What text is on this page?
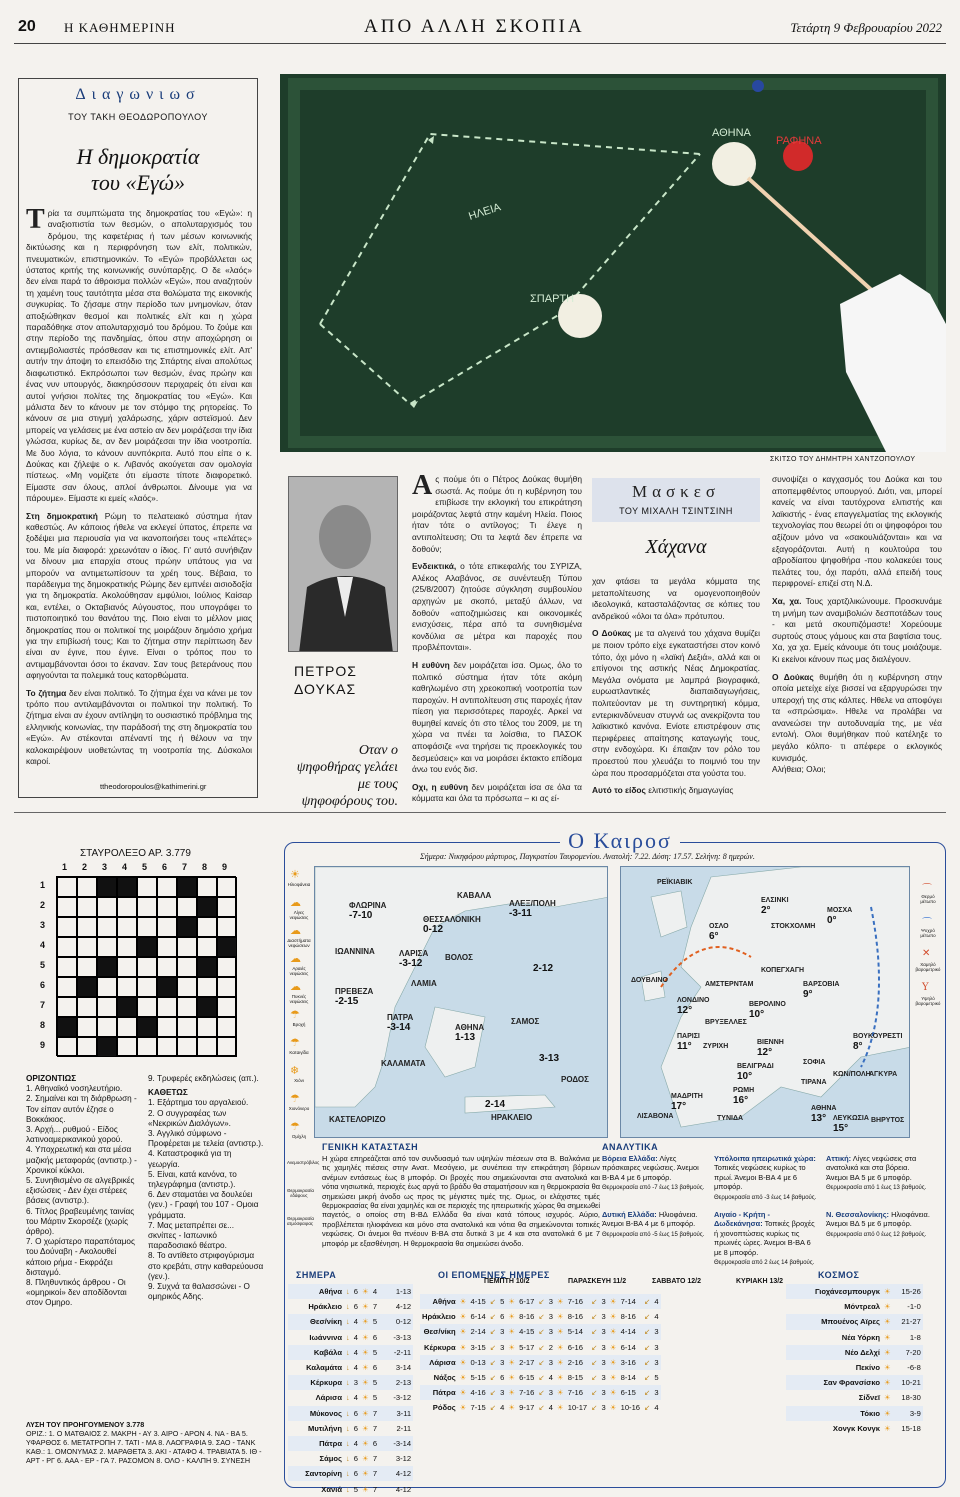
20 Η ΚΑΘΗΜΕΡΙΝΗ	ΑΠΟ ΑΛΛΗ ΣΚΟΠΙΑ	Τετάρτη 9 Φεβρουαρίου 2022
Διαγωνιωσ
ΤΟΥ ΤΑΚΗ ΘΕΟΔΩΡΟΠΟΥΛΟΥ
Η δημοκρατία
του «Εγώ»

Τρία τα συμπτώματα της δημοκρατίας του «Εγώ»: η αναξιοπιστία των θεσμών, ο απολυταρχισμός του δρόμου, της καφετέριας ή των μέσων κοινωνικής δικτύωσης και η περιφρόνηση των ελίτ, πολιτικών, πνευματικών, επιστημονικών. Το «Εγώ» προβάλλεται ως ύστατος κριτής της κοινωνικής συνύπαρξης. Ο δε «λαός» δεν είναι παρά το άθροισμα πολλών «Εγώ», που αναζητούν τη χαμένη τους ταυτότητα μέσα στα θολώματα της εικονικής συγκυρίας. Το ζήσαμε στην περίοδο των μνημονίων, όταν αποξιώθηκαν θεσμοί και πολιτικές ελίτ και η χώρα παραδόθηκε στον απολυταρχισμό του δρόμου. Το ζούμε και στην περίοδο της πανδημίας, όπου στην αποχώρηση οι αντιεμβολιαστές πρόσθεσαν και τις επιστημονικές ελίτ. Απ' αυτήν την άποψη το επεισόδιο της Σπάρτης είναι απολύτως διαφωτιστικό. Εκπρόσωποι των θεσμών, ένας πρώην και ένας νυν υπουργός, διακηρύσσουν περιχαρείς ότι είναι και αυτοί γνήσιοι πολίτες της δημοκρατίας του «Εγώ». Και μάλιστα δεν το κάνουν με τον στόμφο της ρητορείας. Το κάνουν σε μια στιγμή χαλάρωσης, χάριν αστεϊσμού. Δεν μπορείς να γελάσεις με ένα αστείο αν δεν μοιράζεσαι την ίδια γλώσσα, κυρίως δε, αν δεν μοιράζεσαι την ίδια νοοτροπία. Με δυο λόγια, το κάνουν αυνπόκριτα. Αυτό που είπε ο κ. Δούκας και ζήλεψε ο κ. Λιβανός ακούγεται σαν ομολογία πίστεως. «Μη νομίζετε ότι είμαστε τίποτε διαφορετικό. Είμαστε σαν όλους, απλοί άνθρωποι. Δίνουμε για να πάρουμε». Είμαστε κι εμείς «λαός».

Στη δημοκρατική Ρώμη το πελατειακό σύστημα ήταν καθεστώς. Αν κάποιος ήθελε να εκλεγεί ύπατος, έπρεπε να ξοδέψει μια περιουσία για να ικανοποιήσει τους «πελάτες» του. Με μία διαφορά: χρεωνόταν ο ίδιος. Γι' αυτό συνήθιζαν να δίνουν μια επαρχία στους πρώην υπάτους για να μπορούν να αντιμετωπίσουν τα χρέη τους. Βέβαια, το παράδειγμα της δημοκρατικής Ρώμης δεν εμπνέει αισιοδοξία για τη δημοκρατία. Ακολούθησαν εμφύλιοι, Ιούλιος Καίσαρ και, εντέλει, ο Οκταβιανός Αύγουστος, που υπογράφει το πιστοποιητικό του θανάτου της. Ποιο είναι το μέλλον μιας δημοκρατίας που οι πολιτικοί της μοιράζουν δημόσιο χρήμα για την επιβίωσή τους; Και το ζήτημα στην περίπτωση δεν είναι αν έγινε, που έγινε. Είναι ο τρόπος που το αντιμαμβάνονται όσοι το έκαναν. Σαν τους βετεράνους που αφηγούνται τα πολεμικά τους κατορθώματα.

Το ζήτημα δεν είναι πολιτικό. Το ζήτημα έχει να κάνει με τον τρόπο που αντιλαμβάνονται οι πολιτικοί την πολιτική. Το ζήτημα είναι αν έχουν αντίληψη το ουσιαστικό πρόβλημα της ελληνικής κοινωνίας, την παράδοσή της στη δημοκρατία του «Εγώ». Αν στέκονται απέναντί της ή θέλουν να την καλοκαιρέψουν υιοθετώντας τη νοοτροπία της. Δύσκολοι καιροί.

ttheodoropoulos@kathimerini.gr
ΑΘΗΝΑ
ΡΑΦΗΝΑ
ΗΛΕΙΑ
ΣΠΑΡΤΗ
ΣΚΙΤΣΟ ΤΟΥ ΔΗΜΗΤΡΗ ΧΑΝΤΖΟΠΟΥΛΟΥ
ΠΕΤΡΟΣ
ΔΟΥΚΑΣ
Οταν ο ψηφοθήρας γελάει με τους ψηφοφόρους του.

Ας πούμε ότι ο Πέτρος Δούκας θυμήθη σωστά. Ας πούμε ότι η κυβέρνηση του επιβίωσε την εκλογική του επικράτηση μοιράζοντας λεφτά στην καμένη Ηλεία. Ποιος ήταν τότε ο αντίλογος; Τι έλεγε η αντιπολίτευση; Οτι τα λεφτά δεν έπρεπε να δοθούν;

Ενδεικτικά, ο τότε επικεφαλής του ΣΥΡΙΖΑ, Αλέκος Αλαβάνος, σε συνέντευξη Τύπου (25/8/2007) ζητούσε σύγκληση συμβουλίου αρχηγών με σκοπό, μεταξύ άλλων, να δοθούν «αποζημιώσεις και οικονομικές ενισχύσεις, πέρα από τα συνηθισμένα κονδύλια σε μέτρα και παροχές που προβλέπονται».

Η ευθύνη δεν μοιράζεται ίσα. Ομως, όλο το πολιτικό σύστημα ήταν τότε ακόμη καθηλωμένο στη χρεοκοπική νοοτροπία των παροχών. Η αντιπολίτευση στις παροχές ήταν πίεση για περισσότερες παροχές. Αρκεί να θυμηθεί κανείς ότι στο τέλος του 2009, με τη χώρα να πνέει τα λοίσθια, το ΠΑΣΟΚ αποφάσιζε «να τηρήσει τις προεκλογικές του δεσμεύσεις» και να μοιράσει έκτακτο επίδομα άνω του ενός δισ.

Οχι, η ευθύνη δεν μοιράζεται ίσα σε όλα τα κόμματα και όλα τα πρόσωπα – κι ας εί-

Μασκεσ
ΤΟΥ ΜΙΧΑΛΗ ΤΣΙΝΤΣΙΝΗ
Χάχανα

χαν φτάσει τα μεγάλα κόμματα της μεταπολίτευσης να ομογενοποιηθούν ιδεολογικά, κατασταλάζοντας σε κόπιες του ανδρεϊκού «όλοι τα όλα» πρότυπου.

Ο Δούκας με τα αλγεινά του χάχανα θυμίζει με ποιον τρόπο είχε εγκαταστήσει στον κοινό τόπο, όχι μόνο η «λαϊκή Δεξιά», αλλά και οι επίγονοι της αστικής Νέας Δημοκρατίας. Μεγάλα ονόματα με λαμπρά βιογραφικά, ευρωατλαντικές διαπαιδαγωγήσεις, πολιτεύονταν με τη συντηρητική κόμμα, εντερικινδύνευαν στυγνά ως ανεκρίζοντα του λαϊκιστικό κανόνα. Ενίοτε επιστρέφουν στις περιφέρειες απαίτησης καταγωγής τους, στην ενδοχώρα. Κι έπαιζαν τον ρόλο του προεστού που χλευάζει το ποιμνιό του την ώρα που προσαρμόζεται στα γούστα του.

Αυτό το είδος ελιτιστικής δημαγωγίας

συνοψίζει ο καγχασμός του Δούκα και του αποπεμφθέντος υπουργού. Διότι, ναι, μπορεί κανείς να είναι ταυτόχρονα ελιτιστής και λαϊκιστής - ένας επαγγελματίας της εκλογικής τεχνολογίας που θεωρεί ότι οι ψηφοφόροι του αξίζουν μόνο να «σακουλιάζονται» και να εξαγοράζονται. Αυτή η κουλτούρα του αβροδίαιτου ψηφοθήρα -που κολακεύει τους πελάτες του, όχι παρότι, αλλά επειδή τους περιφρονεί- επιζεί στη Ν.Δ.

Χα, χα. Τους χαρτζιλικώνουμε. Προσκυνάμε τη μνήμη των αναμιβολιών δεσποτάδων τους - και μετά σκουπιζόμαστε! Χορεύουμε συρτούς στους γάμους και στα βαφτίσια τους. Χα, χα χα. Εμείς κάνουμε ότι τους μοιάζουμε. Κι εκείνοι κάνουν πως μας διαλέγουν.

Ο Δούκας θυμήθη ότι η κυβέρνηση στην οποία μετείχε είχε βισσεί να εξαργυρώσει την υπεροχή της στις κάλπες. Ηθελε να αποφύγει τα «σπρώσιμα». Ηθελε να προλάβει να ανανεώσει την αυτοδυναμία της, με νέα εντολή. Ολοι θυμήθηκαν πού κατέληξε το μεγάλο κόλπο· τι απέφερε ο εκλογικός κυνισμός.

Αλήθεια; Ολοι;

ΣΤΑΥΡΟΛΕΞΟ ΑΡ. 3.779
1 2 3 4 5 6 7 8 9
1
2
3
4
5
6
7
8
9
ΟΡΙΖΟΝΤΙΩΣ
1. Αθηναϊκό νοσηλευτήριο.
2. Σημαίνει και τη διάρθρωση - Τον είπαν αυτόν έζησε ο Βοκκάκιος.
3. Αρχή... ρυθμού - Είδος λατινοαμερικανικού χορού.
4. Υποχρεωτική και στα μέσα μαζικής μεταφοράς (αντιστρ.) - Χρονικοί κύκλοι.
5. Συνηθισμένο σε αλγεβρικές εξισώσεις - Δεν έχει στέρεες βάσεις (αντιστρ.).
6. Τίτλος βραβευμένης ταινίας του Μάρτιν Σκορσέζε (χωρίς άρθρο).
7. Ο χωρίστερο παραπόταμος του Δούναβη - Ακολουθεί κάποιο ρήμα - Εκφράζει δισταγμό.
8. Πληθυντικός άρθρου - Οι «ομηρικοί» δεν αποδίδονται στον Ομηρο.
9. Τρυφερές εκδηλώσεις (απ.).
ΚΑΘΕΤΩΣ
1. Εξάρτημα του αργαλειού.
2. Ο συγγραφέας των «Νεκρικών Διαλόγων».
3. Αγγλικό σύμφωνο - Προφέρεται με τελεία (αντιστρ.).
4. Καταστροφικά για τη γεωργία.
5. Είναι, κατά κανόνα, το τηλεγράφημα (αντιστρ.).
6. Δεν σταματάει να δουλεύει (γεν.) - Γραφή του 107 - Ομοια γράμματα.
7. Μας μεταπρέπει σε... σκνίπες - Ιαπωνικό παραδοσιακό θέατρο.
8. Το αντίθετο στριφογύρισμα στο κρεβάτι, στην καθαρεύουσα (γεν.).
9. Συχνά τα θαλασσώνει - Ο ομηρικός Αδης.
ΛΥΣΗ ΤΟΥ ΠΡΟΗΓΟΥΜΕΝΟΥ 3.778
ΟΡΙΖ.: 1. Ο ΜΑΤΘΑΙΟΣ 2. ΜΑΚΡΗ - ΑΥ 3. ΑΙΡΟ - ΑΡΟΝ 4. ΝΑ - ΒΑ 5. ΥΦΑΡΘΟΣ 6. ΜΕΤΑΤΡΟΠΗ 7. ΤΑΤΙ - ΜΑ 8. ΛΑΟΓΡΑΦΙΑ 9. ΣΑΟ - ΤΑΝΚ ΚΑΘ.: 1. ΟΜΟΝΥΜΑΣ 2. ΜΑΡΑΘΕΤΑ 3. ΑΚΙ - ΑΤΑΦΟ 4. ΤΡΑΒΙΑΤΑ 5. ΙΘ - ΑΡΤ - ΡΓ 6. ΑΑΑ - ΕΡ - ΓΑ 7. ΡΑΣΟΜΟΝ 8. ΟΛΟ - ΚΑΛΠΗ 9. ΣΥΝΕΣΗ
Ο Καιροσ
Σήμερα: Νικηφόρου μάρτυρος, Παγκρατίου Ταυρομενίου. Ανατολή: 7.22. Δύση: 17.57. Σελήνη: 8 ημερών.
☀
Ηλιοφάνεια
☁
Λίγες νεφώσεις
☁
Διαστήματα νεφώσεων
☁
Αραιές νεφώσεις
☁
Πυκνές νεφώσεις
☂
Βροχή
☂
Καταιγίδα
❄
Χιόνι
☂
Χιονόνερο
☂
Ομίχλη
Ανεμοστρόβιλος
Θερμοκρασία εδάφους
Θερμοκρασία ατμόσφαιρας
⌒
Θερμό μέτωπο
⌒
Ψυχρό μέτωπο
✕
Χαμηλό βαρομετρικό
Y
Υψηλό βαρομετρικό
ΦΛΩΡΙΝΑ
-7-10	ΘΕΣΣΑΛΟΝΙΚΗ
0-12
ΚΑΒΑΛΑ
ΑΛΕΞ/ΠΟΛΗ
-3-11
ΙΩΑΝΝΙΝΑ	ΛΑΡΙΣΑ
-3-12
ΒΟΛΟΣ
ΛΑΜΙΑ
ΠΡΕΒΕΖΑ
-2-15
ΠΑΤΡΑ
-3-14	ΑΘΗΝΑ
1-13
ΣΑΜΟΣ
ΚΑΛΑΜΑΤΑ
ΡΟΔΟΣ
ΚΑΣΤΕΛΟΡΙΖΟ	ΗΡΑΚΛΕΙΟ
2-12
3-13
2-14
ΡΕΪΚΙΑΒΙΚ
ΕΛΣΙΝΚΙ
2°	ΜΟΣΧΑ
0°
ΟΣΛΟ
6°
ΣΤΟΚΧΟΛΜΗ
ΔΟΥΒΛΙΝΟ
ΑΜΣΤΕΡΝΤΑΜ
ΚΟΠΕΓΧΑΓΗ
ΒΑΡΣΟΒΙΑ
9°
ΛΟΝΔΙΝΟ
12°
ΒΕΡΟΛΙΝΟ
10°
ΒΡΥΞΕΛΛΕΣ
ΠΑΡΙΣΙ
11° ΖΥΡΙΧΗ
ΒΙΕΝΝΗ
12°
ΒΟΥΚΟΥΡΕΣΤΙ
8°
ΒΕΛΙΓΡΑΔΙ
10°
ΣΟΦΙΑ
ΚΩΝ/ΠΟΛΗ
ΑΓΚΥΡΑ
ΡΩΜΗ
16°
ΤΙΡΑΝΑ
ΜΑΔΡΙΤΗ
17°
ΛΙΣΑΒΟΝΑ	ΤΥΝΙΔΑ
ΑΘΗΝΑ
13° ΛΕΥΚΩΣΙΑ
15°
ΒΗΡΥΤΟΣ
ΓΕΝΙΚΗ ΚΑΤΑΣΤΑΣΗ
Η χώρα επηρεάζεται από τον συνδυασμό των υψηλών πιέσεων στα Β. Βαλκάνια με τις χαμηλές πιέσεις στην Ανατ. Μεσόγειο, με συνέπεια την επικράτηση βόρειων ανέμων εντάσεως έως 8 μποφόρ. Οι βροχές που σημειώνονται στα ανατολικά και νότια νησιωτικά, περιοχές έως αργά το βράδυ θα σταματήσουν και η θερμοκρασία θα σημειώσει μικρή άνοδο ως προς τις μέγιστες τιμές της. Ομως, οι ελάχιστες τιμές θερμοκρασίας θα είναι χαμηλές και σε περιοχές της ηπειρωτικής χώρας θα σημειωθεί παγετός, ο οποίος στη Β-ΒΔ Ελλάδα θα είναι κατά τόπους ισχυρός. Αύριο, προβλέπεται ηλιοφάνεια και μόνο στα ανατολικά και νότια θα σημειώνονται τοπικές νεφώσεις. Οι άνεμοι θα πνέουν Β-ΒΑ στα δυτικά 3 με 4 και στα ανατολικά 6 με 7 μποφόρ με εξασθένηση. Η θερμοκρασία θα σημειώσει άνοδο.
ΑΝΑΛΥΤΙΚΑ
Βόρεια Ελλάδα: Λίγες πρόσκαιρες νεφώσεις. Άνεμοι Β-ΒΑ 4 με 6 μποφόρ.
Θερμοκρασία από -7 έως 13 βαθμούς.
Υπόλοιπα ηπειρωτικά χώρα: Τοπικές νεφώσεις κυρίως το πρωί. Άνεμοι Β-ΒΑ 4 με 6 μποφόρ.
Θερμοκρασία από -3 έως 14 βαθμούς.
Αττική: Λίγες νεφώσεις στα ανατολικά και στα βόρεια. Άνεμοι ΒΑ 5 με 6 μποφόρ.
Θερμοκρασία από 1 έως 13 βαθμούς.
Δυτική Ελλάδα: Ηλιοφάνεια. Άνεμοι Β-ΒΑ 4 με 6 μποφόρ.
Θερμοκρασία από -5 έως 15 βαθμούς.
Αιγαίο - Κρήτη - Δωδεκάνησα: Τοπικές βροχές ή χιονοπτώσεις κυρίως τις πρωινές ώρες. Άνεμοι Β-ΒΑ 6 με 8 μποφόρ.
Θερμοκρασία από 2 έως 14 βαθμούς.
Ν. Θεσσαλονίκης: Ηλιοφάνεια. Άνεμοι ΒΔ 5 με 6 μποφόρ.
Θερμοκρασία από 0 έως 12 βαθμούς.
ΣΗΜΕΡΑ
Αθήνα	↓	6	☀	4	1-13
Ηράκλειο	↓	6	☀	7	4-12
Θεσ/νίκη	↓	4	☀	5	0-12
Ιωάννινα	↓	4	☀	6	-3-13
Καβάλα	↓	4	☀	5	-2-11
Καλαμάτα	↓	4	☀	6	3-14
Κέρκυρα	↓	3	☀	5	2-13
Λάρισα	↓	4	☀	5	-3-12
Μύκονος	↓	6	☀	7	3-11
Μυτιλήνη	↓	6	☀	7	2-11
Πάτρα	↓	4	☀	6	-3-14
Σάμος	↓	6	☀	7	3-12
Σαντορίνη	↓	6	☀	7	4-12
Χανιά	↓	5	☀	7	4-12
ΟΙ ΕΠΟΜΕΝΕΣ ΗΜΕΡΕΣ
ΠΕΜΠΤΗ 10/2	ΠΑΡΑΣΚΕΥΗ 11/2	ΣΑΒΒΑΤΟ 12/2	ΚΥΡΙΑΚΗ 13/2
Αθήνα	☀	4-15	↙	5	☀	6-17	↙	3	☀	7-16	↙	3	☀	7-14	↙	4
Ηράκλειο	☀	6-14	↙	6	☀	8-16	↙	3	☀	8-16	↙	3	☀	8-16	↙	4
Θεσ/νίκη	☀	2-14	↙	3	☀	4-15	↙	3	☀	5-14	↙	3	☀	4-14	↙	3
Κέρκυρα	☀	3-15	↙	3	☀	5-17	↙	2	☀	6-16	↙	3	☀	6-14	↙	3
Λάρισα	☀	0-13	↙	3	☀	2-17	↙	3	☀	2-16	↙	3	☀	3-16	↙	3
Νάξος	☀	5-15	↙	6	☀	6-15	↙	4	☀	8-15	↙	3	☀	8-14	↙	5
Πάτρα	☀	4-16	↙	3	☀	7-16	↙	3	☀	7-16	↙	3	☀	6-15	↙	3
Ρόδος	☀	7-15	↙	4	☀	9-17	↙	4	☀	10-17	↙	3	☀	10-16	↙	4
ΚΟΣΜΟΣ
Γιοχάνεσμπουργκ	☀	15-26
Μόντρεαλ	☀	-1-0
Μπουένος Αϊρες	☀	21-27
Νέα Υόρκη	☀	1-8
Νέο Δελχί	☀	7-20
Πεκίνο	☀	-6-8
Σαν Φρανσίσκο	☀	10-21
Σίδνεϊ	☀	18-30
Τόκιο	☀	3-9
Χονγκ Κονγκ	☀	15-18
